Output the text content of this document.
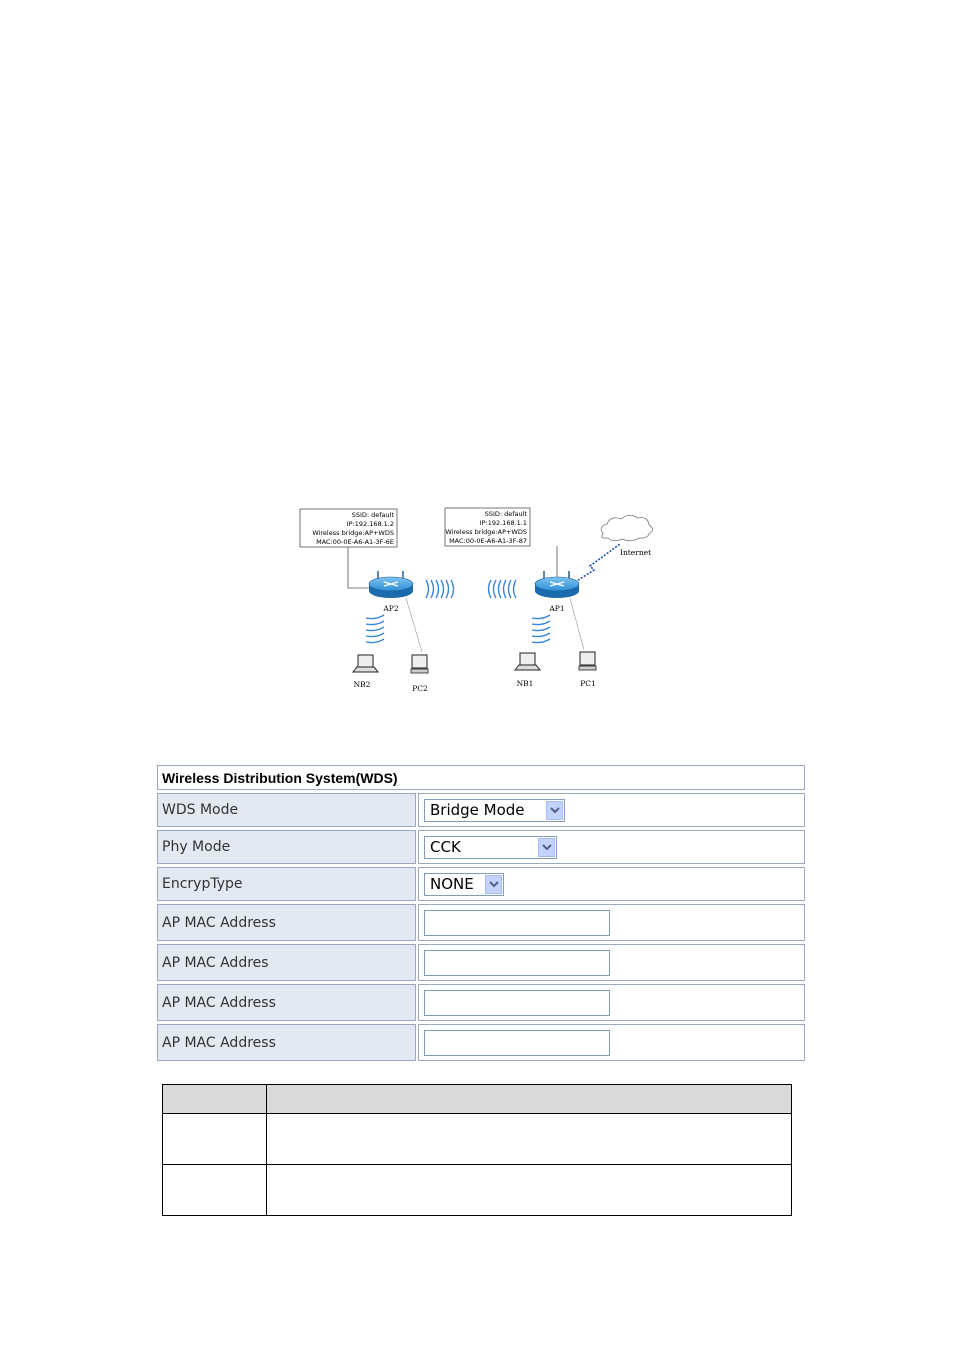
SSID: default
IP:192.168.1.2
Wireless bridge:AP+WDS
MAC:00-0E-A6-A1-3F-6E
SSID: default
IP:192.168.1.1
Wireless bridge:AP+WDS
MAC:00-0E-A6-A1-3F-87
Internet
AP2	AP1
NB2	PC2
NB1	PC1
Wireless Distribution System(WDS)
WDS Mode	Bridge Mode
Phy Mode	CCK
EncrypType	NONE
AP MAC Address
AP MAC Addres
AP MAC Address
AP MAC Address
